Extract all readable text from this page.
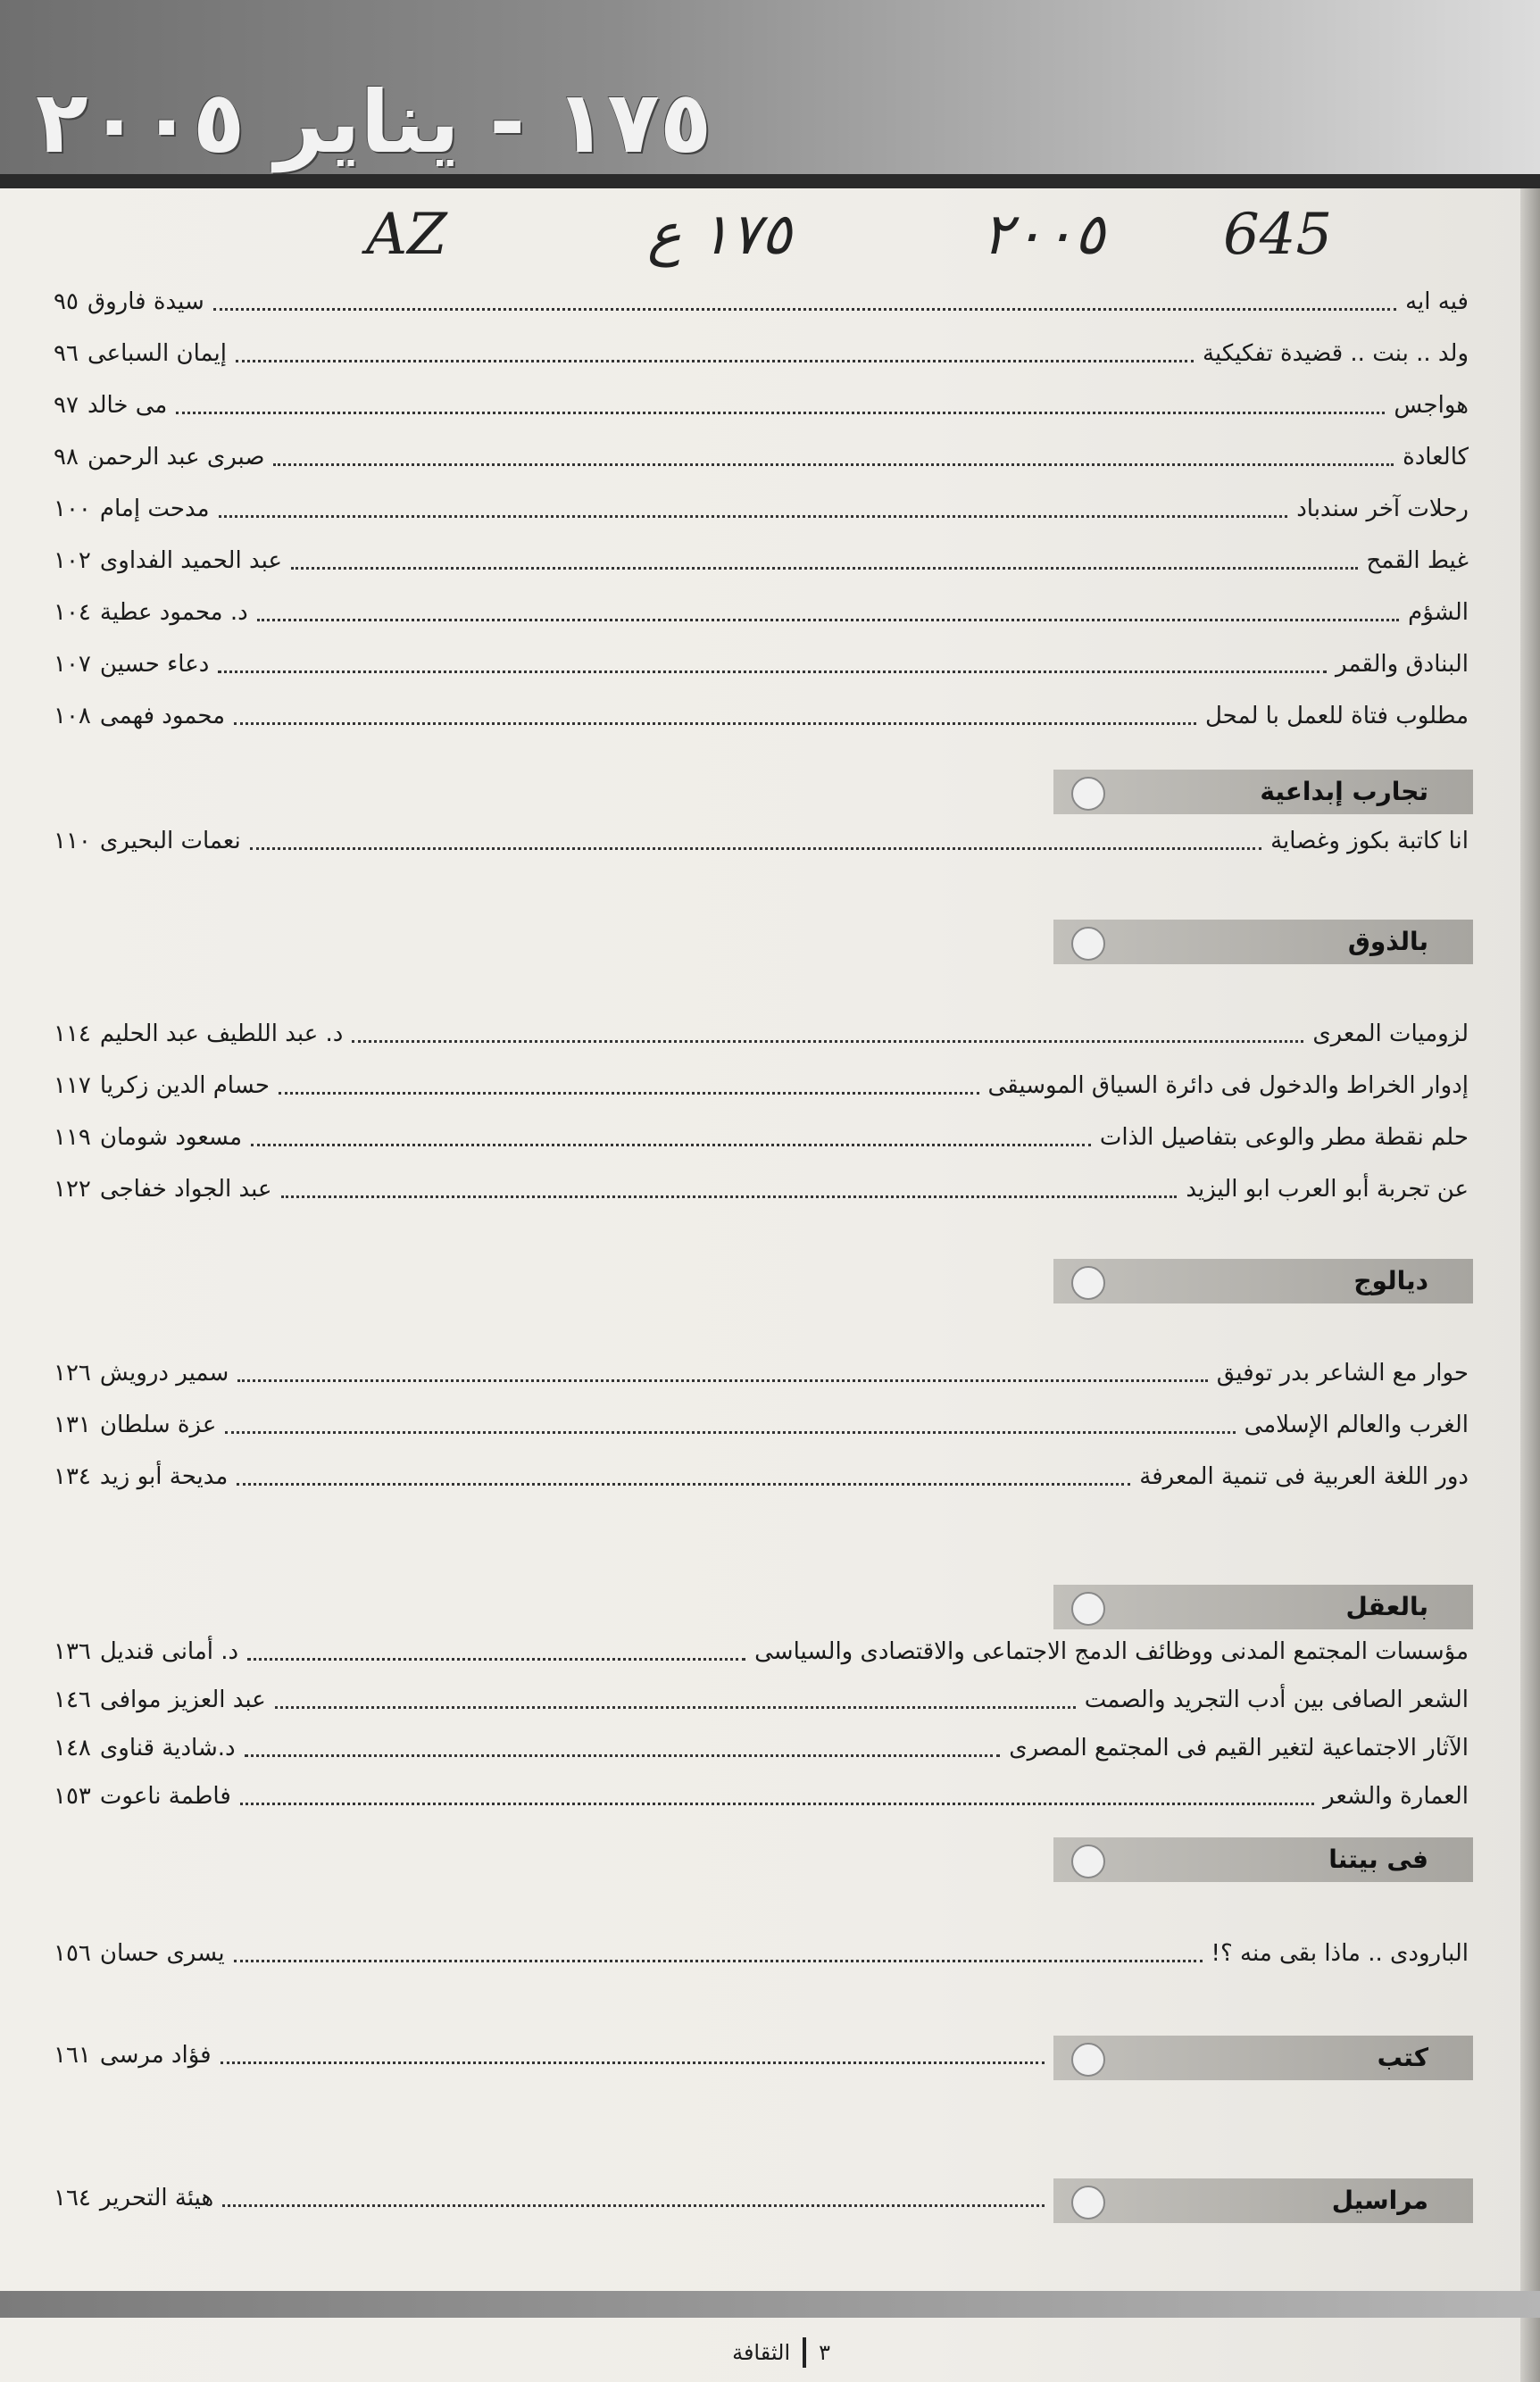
١٧٥ - يناير ٢٠٠٥
AZ	١٧٥ ع	٢٠٠٥ 645
فيه ايه
سيدة فاروق
٩٥
ولد .. بنت .. قضيدة تفكيكية
إيمان السباعى
٩٦
هواجس
مى خالد
٩٧
كالعادة
صبرى عبد الرحمن
٩٨
رحلات آخر سندباد
مدحت إمام
١٠٠
غيط القمح
عبد الحميد الفداوى
١٠٢
الشؤم
د. محمود عطية
١٠٤
البنادق والقمر
دعاء حسين
١٠٧
مطلوب فتاة للعمل با لمحل
محمود فهمى
١٠٨
تجارب إبداعية
انا كاتبة بكوز وغصاية
نعمات البحيرى
١١٠
بالذوق
لزوميات المعرى
د. عبد اللطيف عبد الحليم
١١٤
إدوار الخراط والدخول فى دائرة السياق الموسيقى
حسام الدين زكريا
١١٧
حلم نقطة مطر والوعى بتفاصيل الذات
مسعود شومان
١١٩
عن تجربة أبو العرب ابو اليزيد
عبد الجواد خفاجى
١٢٢
ديالوج
حوار مع الشاعر بدر توفيق
سمير درويش
١٢٦
الغرب والعالم الإسلامى
عزة سلطان
١٣١
دور اللغة العربية فى تنمية المعرفة
مديحة أبو زيد
١٣٤
بالعقل
مؤسسات المجتمع المدنى ووظائف الدمج الاجتماعى والاقتصادى والسياسى
د. أمانى قنديل
١٣٦
الشعر الصافى بين أدب التجريد والصمت
عبد العزيز موافى
١٤٦
الآثار الاجتماعية لتغير القيم فى المجتمع المصرى
د.شادية قناوى
١٤٨
العمارة والشعر
فاطمة ناعوت
١٥٣
فى بيتنا
البارودى .. ماذا بقى منه ؟!
يسرى حسان
١٥٦
كتب
فؤاد مرسى
١٦١
مراسيل
هيئة التحرير
١٦٤
٣
الثقافة
